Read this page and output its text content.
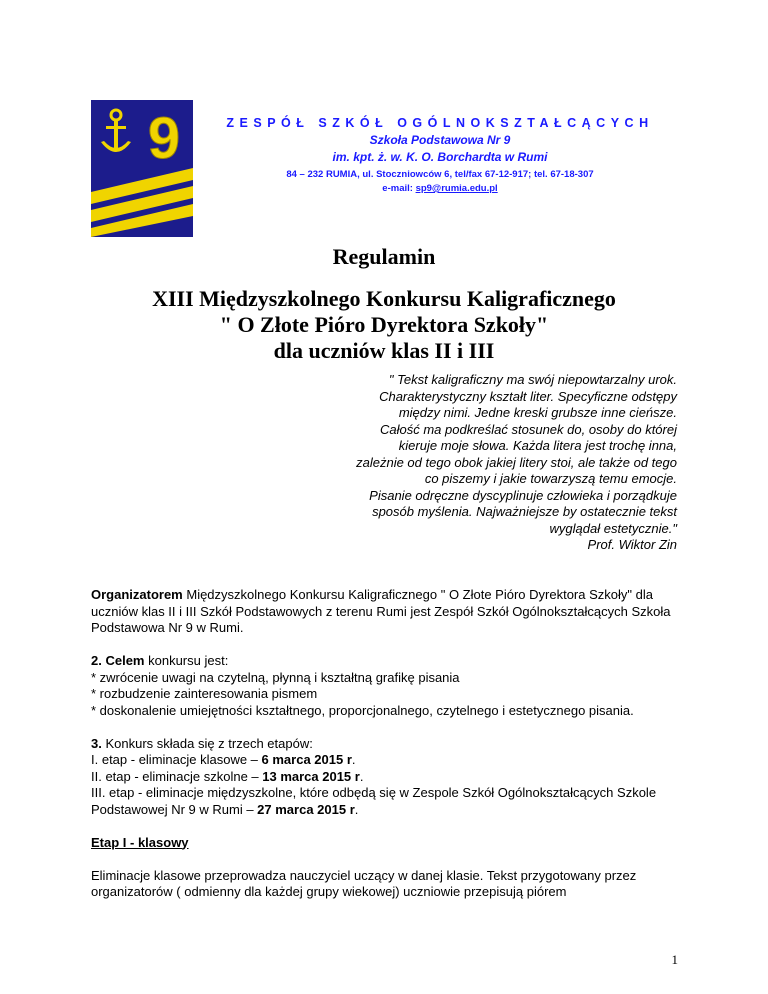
9	ZESPÓŁ SZKÓŁ OGÓLNOKSZTAŁCĄCYCH

Szkoła Podstawowa Nr 9

im. kpt. ż. w. K. O. Borchardta w Rumi

84 – 232 RUMIA, ul. Stoczniowców 6, tel/fax 67-12-917; tel. 67-18-307

e-mail: sp9@rumia.edu.pl

Regulamin
XIII Międzyszkolnego Konkursu Kaligraficznego
" O Złote Pióro Dyrektora Szkoły"
dla uczniów klas II i III

" Tekst kaligraficzny ma swój niepowtarzalny urok.

Charakterystyczny kształt liter. Specyficzne odstępy

między nimi. Jedne kreski grubsze inne cieńsze.

Całość ma podkreślać stosunek do, osoby do której

kieruje moje słowa. Każda litera jest trochę inna,

zależnie od tego obok jakiej litery stoi, ale także od tego

co piszemy i jakie towarzyszą temu emocje.

Pisanie odręczne dyscyplinuje człowieka i porządkuje

sposób myślenia. Najważniejsze by ostatecznie tekst

wyglądał estetycznie."

Prof. Wiktor Zin

Organizatorem Międzyszkolnego Konkursu Kaligraficznego " O Złote Pióro Dyrektora Szkoły" dla uczniów klas II i III Szkół Podstawowych z terenu Rumi jest Zespół Szkół Ogólnokształcących Szkoła Podstawowa Nr 9 w Rumi.

2. Celem konkursu jest:
* zwrócenie uwagi na czytelną, płynną i kształtną grafikę pisania
* rozbudzenie zainteresowania pismem
* doskonalenie umiejętności kształtnego, proporcjonalnego, czytelnego i estetycznego pisania.

3. Konkurs składa się z trzech etapów:
I. etap - eliminacje klasowe – 6 marca 2015 r.
II. etap - eliminacje szkolne – 13 marca 2015 r.
III. etap - eliminacje międzyszkolne, które odbędą się w Zespole Szkół Ogólnokształcących Szkole Podstawowej Nr 9 w Rumi – 27 marca 2015 r.

Etap I - klasowy

Eliminacje klasowe przeprowadza nauczyciel uczący w danej klasie. Tekst przygotowany przez organizatorów ( odmienny dla każdej grupy wiekowej) uczniowie przepisują piórem

1
